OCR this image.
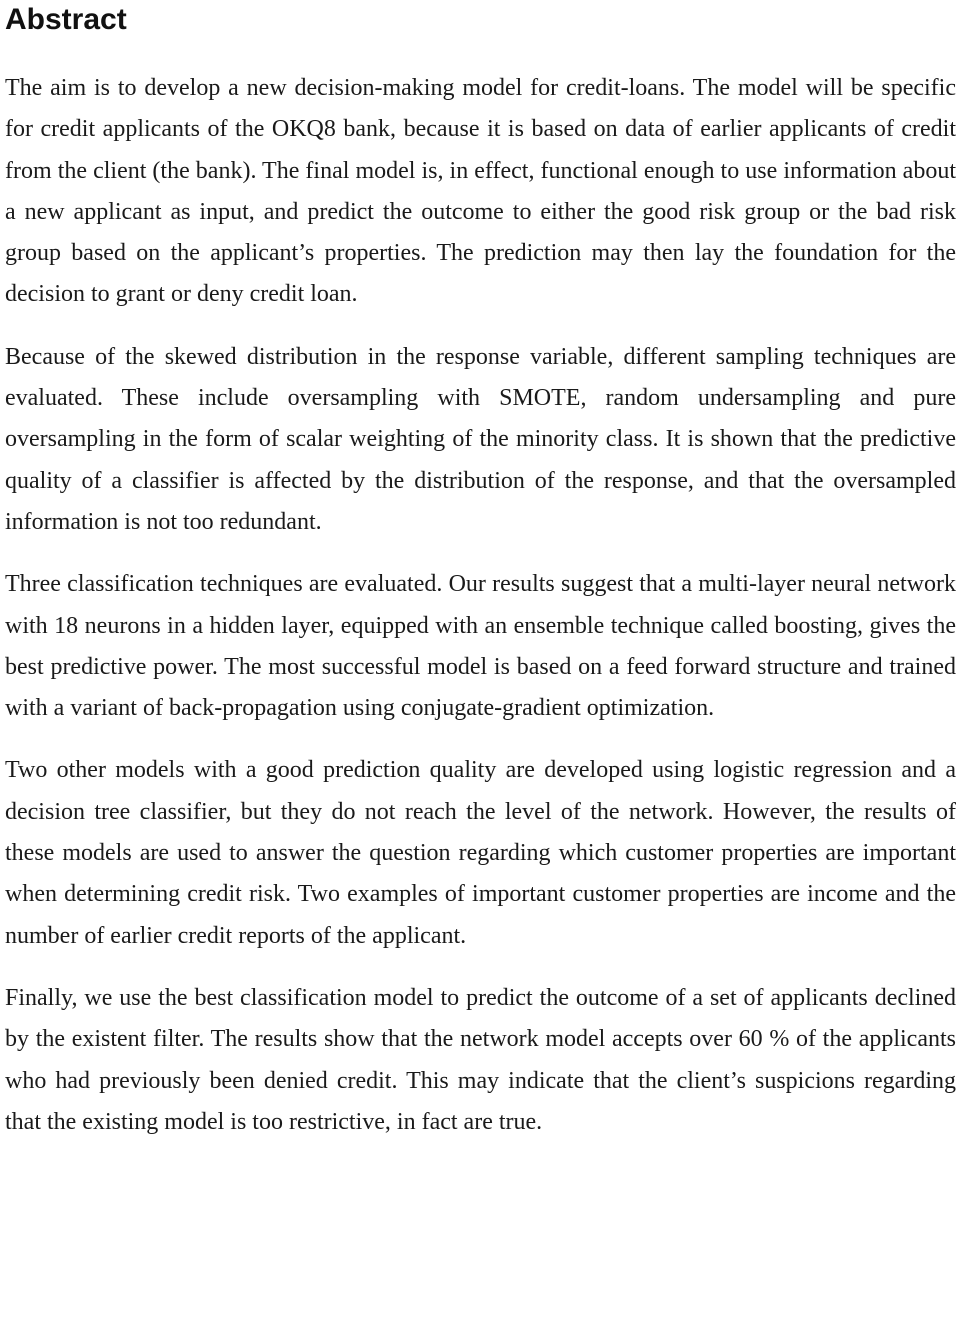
Abstract

The aim is to develop a new decision-making model for credit-loans. The model will be specific for credit applicants of the OKQ8 bank, because it is based on data of earlier applicants of credit from the client (the bank). The final model is, in effect, functional enough to use information about a new applicant as input, and predict the outcome to either the good risk group or the bad risk group based on the applicant’s properties. The prediction may then lay the foundation for the decision to grant or deny credit loan.

Because of the skewed distribution in the response variable, different sampling techniques are evaluated. These include oversampling with SMOTE, random undersampling and pure oversampling in the form of scalar weighting of the minority class. It is shown that the predictive quality of a classifier is affected by the distribution of the response, and that the oversampled information is not too redundant.

Three classification techniques are evaluated. Our results suggest that a multi-layer neural network with 18 neurons in a hidden layer, equipped with an ensemble technique called boosting, gives the best predictive power. The most successful model is based on a feed forward structure and trained with a variant of back-propagation using conjugate-gradient optimization.

Two other models with a good prediction quality are developed using logistic regression and a decision tree classifier, but they do not reach the level of the network. However, the results of these models are used to answer the question regarding which customer properties are important when determining credit risk. Two examples of important customer properties are income and the number of earlier credit reports of the applicant.

Finally, we use the best classification model to predict the outcome of a set of applicants declined by the existent filter. The results show that the network model accepts over 60 % of the applicants who had previously been denied credit. This may indicate that the client’s suspicions regarding that the existing model is too restrictive, in fact are true.
